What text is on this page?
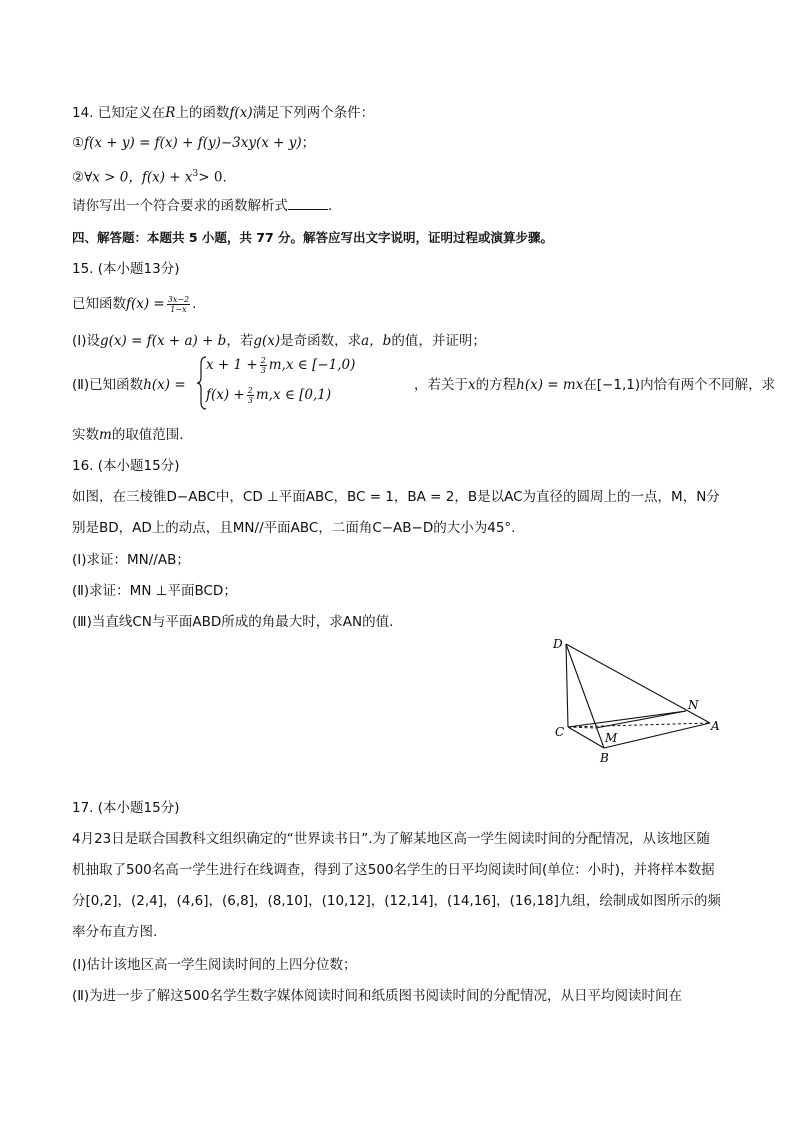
14. 已知定义在R上的函数f(x)满足下列两个条件：
①f(x + y) = f(x) + f(y)−3xy(x + y)；
②∀x > 0，$f(x) + x^3> 0$.
请你写出一个符合要求的函数解析式	.
四、解答题：本题共 5 小题，共 77 分。解答应写出文字说明，证明过程或演算步骤。
15. (本小题13分)
已知函数$f(x) = \frac{3x-2}{1-x}$ .
(Ⅰ)设g(x) = f(x + a) + b，若g(x)是奇函数，求a，b的值，并证明；
(Ⅱ)已知函数h(x) =
$x + 1 + \frac{2}{3} m,x$ ∈ [−1,0)
$f(x) + \frac{2}{3} m,x$ ∈ [0,1)
，若关于x的方程h(x) = mx在[−1,1)内恰有两个不同解，求
实数m的取值范围.
16. (本小题15分)
如图，在三棱锥D−ABC中，CD ⊥平面ABC，BC = 1，BA = 2，B是以AC为直径的圆周上的一点，M，N分别是BD，AD上的动点，且MN//平面ABC，二面角C−AB−D的大小为45°.
(Ⅰ)求证：MN//AB；
(Ⅱ)求证：MN ⊥平面BCD；
(Ⅲ)当直线CN与平面ABD所成的角最大时，求AN的值.
D
N
C	M
A
B
17. (本小题15分)
4月23日是联合国教科文组织确定的“世界读书日”.为了解某地区高一学生阅读时间的分配情况，从该地区随机抽取了500名高一学生进行在线调查，得到了这500名学生的日平均阅读时间(单位：小时)，并将样本数据分[0,2]，(2,4]，(4,6]，(6,8]，(8,10]，(10,12]，(12,14]，(14,16]，(16,18]九组，绘制成如图所示的频率分布直方图.
(Ⅰ)估计该地区高一学生阅读时间的上四分位数；
(Ⅱ)为进一步了解这500名学生数字媒体阅读时间和纸质图书阅读时间的分配情况，从日平均阅读时间在
